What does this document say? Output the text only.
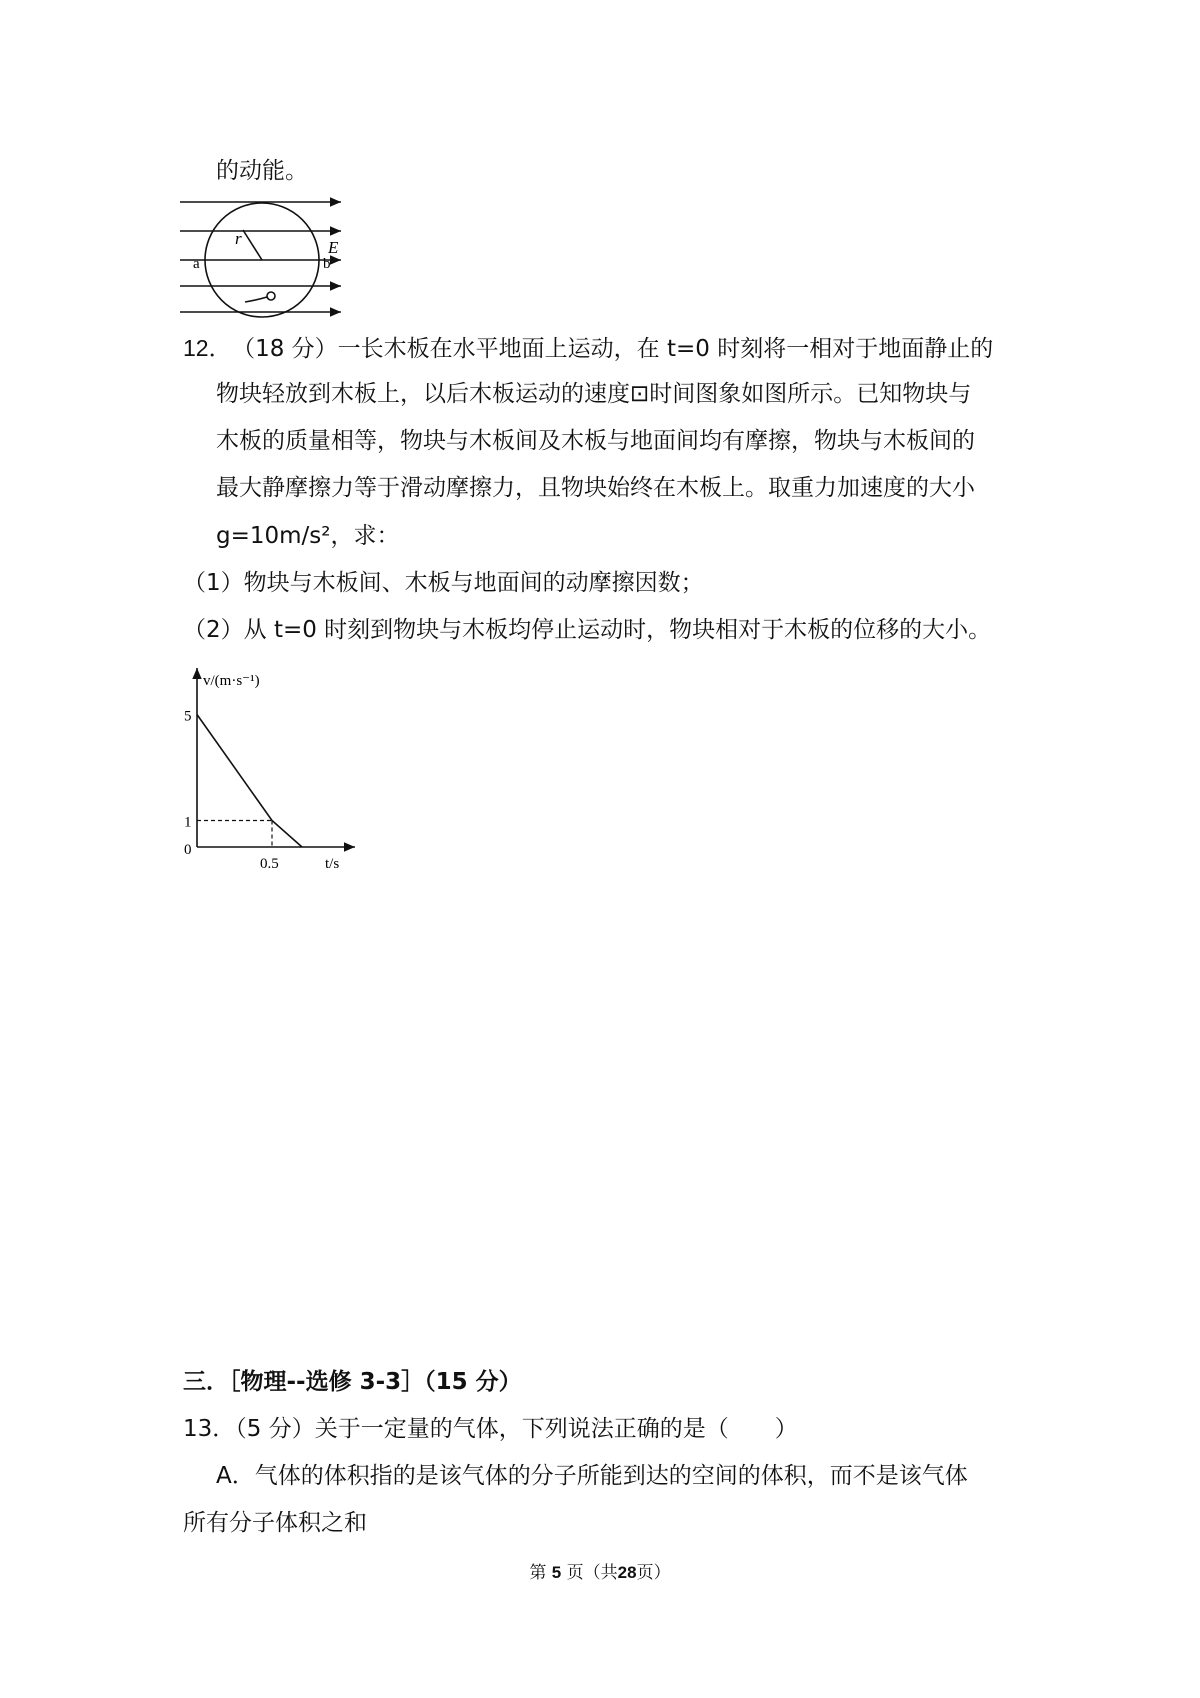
的动能。
r	E
a	b
12． （18 分）一长木板在水平地面上运动，在 t=0 时刻将一相对于地面静止的
物块轻放到木板上，以后木板运动的速度⊡时间图象如图所示。已知物块与
木板的质量相等，物块与木板间及木板与地面间均有摩擦，物块与木板间的
最大静摩擦力等于滑动摩擦力，且物块始终在木板上。取重力加速度的大小
g=10m/s²，求：
（1）物块与木板间、木板与地面间的动摩擦因数；
（2）从 t=0 时刻到物块与木板均停止运动时，物块相对于木板的位移的大小。
v/(m·s⁻¹)
t/s
5
1
0
0.5
三．［物理--选修 3-3］（15 分）
13．（5 分）关于一定量的气体，下列说法正确的是（　　）
A．气体的体积指的是该气体的分子所能到达的空间的体积，而不是该气体
所有分子体积之和
第 5 页（共28页）
